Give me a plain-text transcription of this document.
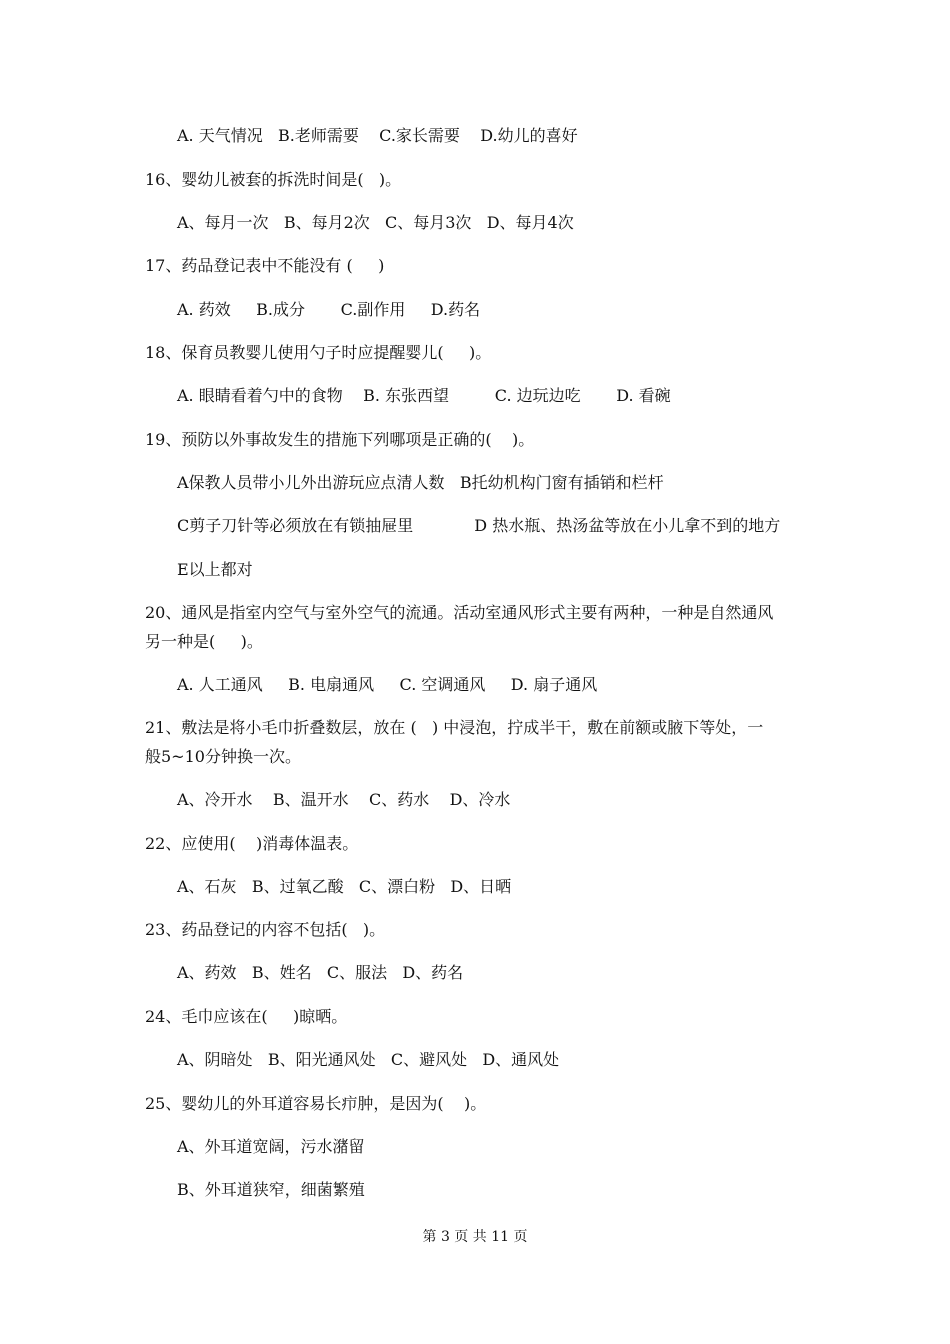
A. 天气情况   B.老师需要    C.家长需要    D.幼儿的喜好
16、婴幼儿被套的拆洗时间是(   )。
A、每月一次   B、每月2次   C、每月3次   D、每月4次
17、药品登记表中不能没有 (     )
A. 药效     B.成分       C.副作用     D.药名
18、保育员教婴儿使用勺子时应提醒婴儿(     )。
A. 眼睛看着勺中的食物    B. 东张西望         C. 边玩边吃       D. 看碗
19、预防以外事故发生的措施下列哪项是正确的(    )。
A保教人员带小儿外出游玩应点清人数   B托幼机构门窗有插销和栏杆
C剪子刀针等必须放在有锁抽屉里            D 热水瓶、热汤盆等放在小儿拿不到的地方
E以上都对
20、通风是指室内空气与室外空气的流通。活动室通风形式主要有两种，一种是自然通风
另一种是(     )。
A. 人工通风     B. 电扇通风     C. 空调通风     D. 扇子通风
21、敷法是将小毛巾折叠数层，放在 (   ) 中浸泡，拧成半干，敷在前额或腋下等处，一
般5~10分钟换一次。
A、冷开水    B、温开水    C、药水    D、冷水
22、应使用(    )消毒体温表。
A、石灰   B、过氧乙酸   C、漂白粉   D、日晒
23、药品登记的内容不包括(   )。
A、药效   B、姓名   C、服法   D、药名
24、毛巾应该在(     )晾晒。
A、阴暗处   B、阳光通风处   C、避风处   D、通风处
25、婴幼儿的外耳道容易长疖肿，是因为(    )。
A、外耳道宽阔，污水潴留
B、外耳道狭窄，细菌繁殖
第 3 页 共 11 页
